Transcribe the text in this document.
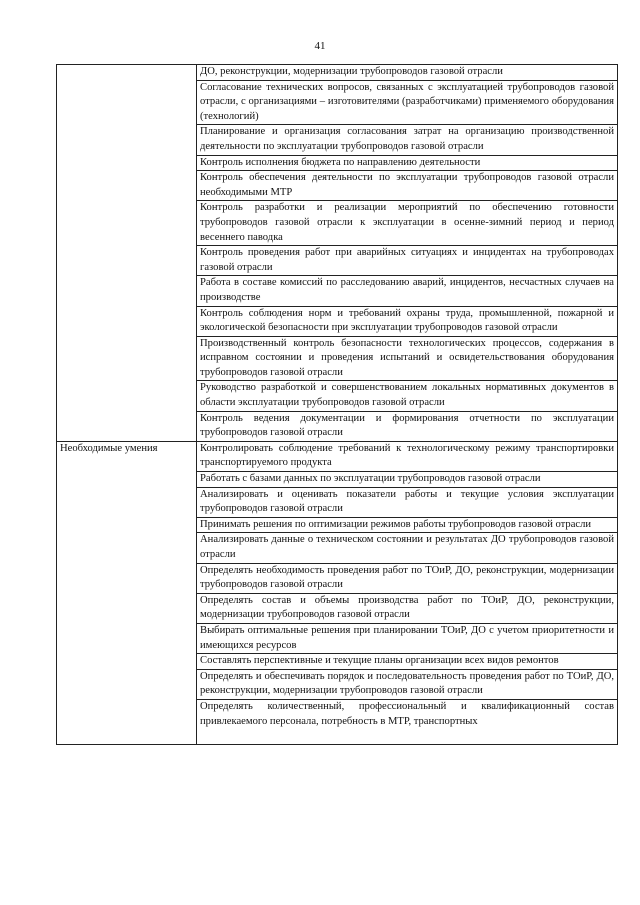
41
	ДО, реконструкции, модернизации трубопроводов газовой отрасли
	Согласование технических вопросов, связанных с эксплуатацией трубопроводов газовой отрасли, с организациями – изготовителями (разработчиками) применяемого оборудования (технологий)
	Планирование и организация согласования затрат на организацию производственной деятельности по эксплуатации трубопроводов газовой отрасли
	Контроль исполнения бюджета по направлению деятельности
	Контроль обеспечения деятельности по эксплуатации трубопроводов газовой отрасли необходимыми МТР
	Контроль разработки и реализации мероприятий по обеспечению готовности трубопроводов газовой отрасли к эксплуатации в осенне-зимний период и период весеннего паводка
	Контроль проведения работ при аварийных ситуациях и инцидентах на трубопроводах газовой отрасли
	Работа в составе комиссий по расследованию аварий, инцидентов, несчастных случаев на производстве
	Контроль соблюдения норм и требований охраны труда, промышленной, пожарной и экологической безопасности при эксплуатации трубопроводов газовой отрасли
	Производственный контроль безопасности технологических процессов, содержания в исправном состоянии и проведения испытаний и освидетельствования оборудования трубопроводов газовой отрасли
	Руководство разработкой и совершенствованием локальных нормативных документов в области эксплуатации трубопроводов газовой отрасли
	Контроль ведения документации и формирования отчетности по эксплуатации трубопроводов газовой отрасли
Необходимые умения	Контролировать соблюдение требований к технологическому режиму транспортировки транспортируемого продукта
	Работать с базами данных по эксплуатации трубопроводов газовой отрасли
	Анализировать и оценивать показатели работы и текущие условия эксплуатации трубопроводов газовой отрасли
	Принимать решения по оптимизации режимов работы трубопроводов газовой отрасли
	Анализировать данные о техническом состоянии и результатах ДО трубопроводов газовой отрасли
	Определять необходимость проведения работ по ТОиР, ДО, реконструкции, модернизации трубопроводов газовой отрасли
	Определять состав и объемы производства работ по ТОиР, ДО, реконструкции, модернизации трубопроводов газовой отрасли
	Выбирать оптимальные решения при планировании ТОиР, ДО с учетом приоритетности и имеющихся ресурсов
	Составлять перспективные и текущие планы организации всех видов ремонтов
	Определять и обеспечивать порядок и последовательность проведения работ по ТОиР, ДО, реконструкции, модернизации трубопроводов газовой отрасли

	Определять количественный, профессиональный и квалификационный состав привлекаемого персонала, потребность в МТР, транспортных
